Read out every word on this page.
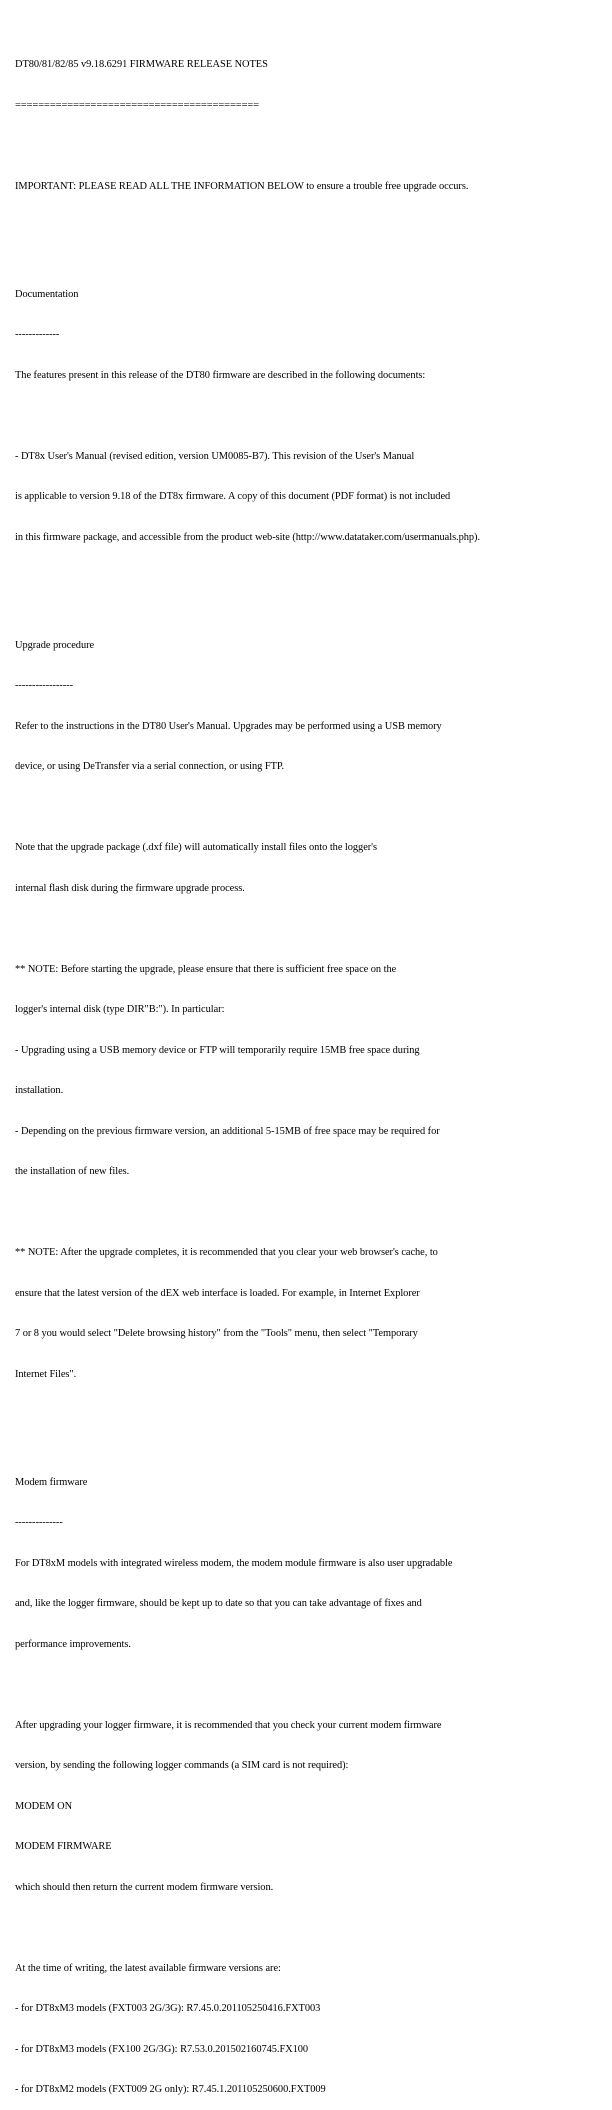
DT80/81/82/85 v9.18.6291 FIRMWARE RELEASE NOTES

==========================================

IMPORTANT: PLEASE READ ALL THE INFORMATION BELOW to ensure a trouble free upgrade occurs.

Documentation

-------------

The features present in this release of the DT80 firmware are described in the following documents:

- DT8x User's Manual (revised edition, version UM0085-B7). This revision of the User's Manual

is applicable to version 9.18 of the DT8x firmware. A copy of this document (PDF format) is not included

in this firmware package, and accessible from the product web-site (http://www.datataker.com/usermanuals.php).

Upgrade procedure

-----------------

Refer to the instructions in the DT80 User's Manual. Upgrades may be performed using a USB memory

device, or using DeTransfer via a serial connection, or using FTP.

Note that the upgrade package (.dxf file) will automatically install files onto the logger's

internal flash disk during the firmware upgrade process.

** NOTE: Before starting the upgrade, please ensure that there is sufficient free space on the

logger's internal disk (type DIR"B:"). In particular:

- Upgrading using a USB memory device or FTP will temporarily require 15MB free space during

installation.

- Depending on the previous firmware version, an additional 5-15MB of free space may be required for

the installation of new files.

** NOTE: After the upgrade completes, it is recommended that you clear your web browser's cache, to

ensure that the latest version of the dEX web interface is loaded. For example, in Internet Explorer

7 or 8 you would select "Delete browsing history" from the "Tools" menu, then select "Temporary

Internet Files".

Modem firmware

--------------

For DT8xM models with integrated wireless modem, the modem module firmware is also user upgradable

and, like the logger firmware, should be kept up to date so that you can take advantage of fixes and

performance improvements.

After upgrading your logger firmware, it is recommended that you check your current modem firmware

version, by sending the following logger commands (a SIM card is not required):

MODEM ON

MODEM FIRMWARE

which should then return the current modem firmware version.

At the time of writing, the latest available firmware versions are:

- for DT8xM3 models (FXT003 2G/3G): R7.45.0.201105250416.FXT003

- for DT8xM3 models (FX100 2G/3G): R7.53.0.201502160745.FX100

- for DT8xM2 models (FXT009 2G only): R7.45.1.201105250600.FXT009
